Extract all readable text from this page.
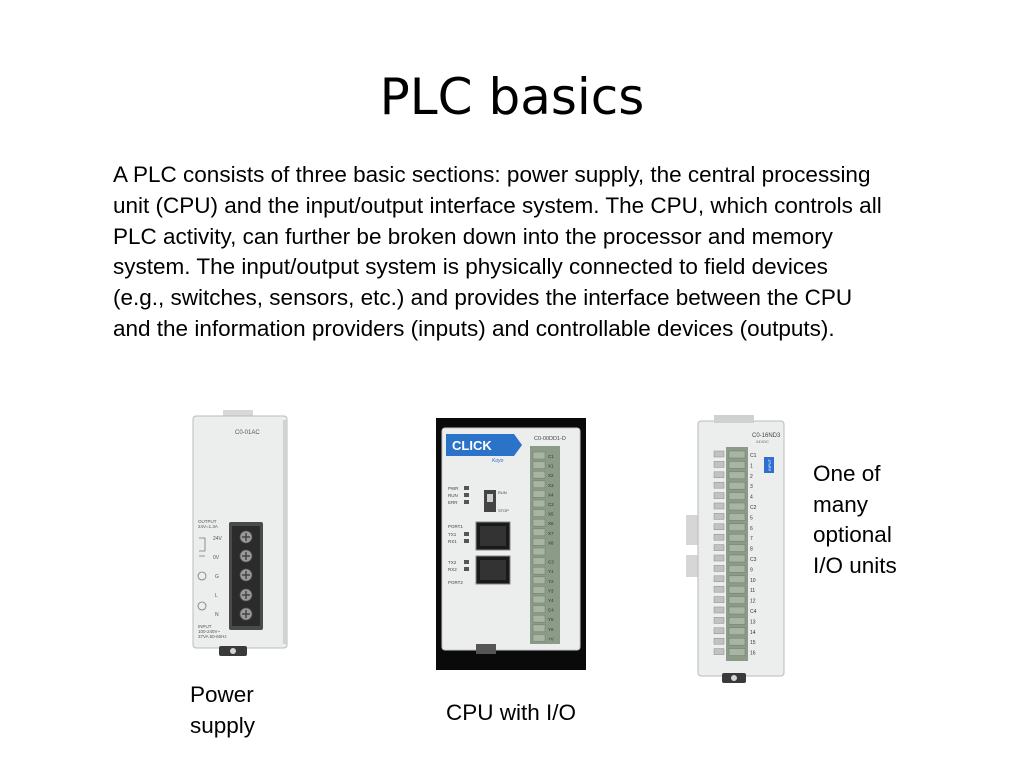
PLC basics
A PLC consists of three basic sections: power supply, the central processing unit (CPU) and the input/output interface system. The CPU, which controls all PLC activity, can further be broken down into the processor and memory system. The input/output system is physically connected to field devices (e.g., switches, sensors, etc.) and provides the interface between the CPU and the information providers (inputs) and controllable devices (outputs).
C0-01AC
OUTPUT
24V=1.3A
24V
0V
G
L
N
INPUT
100-240V~
37VA 50-60Hz
CLICK
Koyo
C0-00DD1-D
C1
X1
X2
X3
X4
C2
X5
X6
X7
X8
C3
Y1
Y2
Y3
Y4
C4
Y5
Y6
+V
PWR
RUN
ERR
TX1
RX1
TX2
RX2
RUN
STOP
PORT1
PORT2
C0-16ND3
24VDC
INPUT
C1
1
2
3
4
C2
5
6
7
8
C3
9
10
11
12
C4
13
14
15
16
Power
supply	CPU with I/O
One of
many
optional
I/O units
